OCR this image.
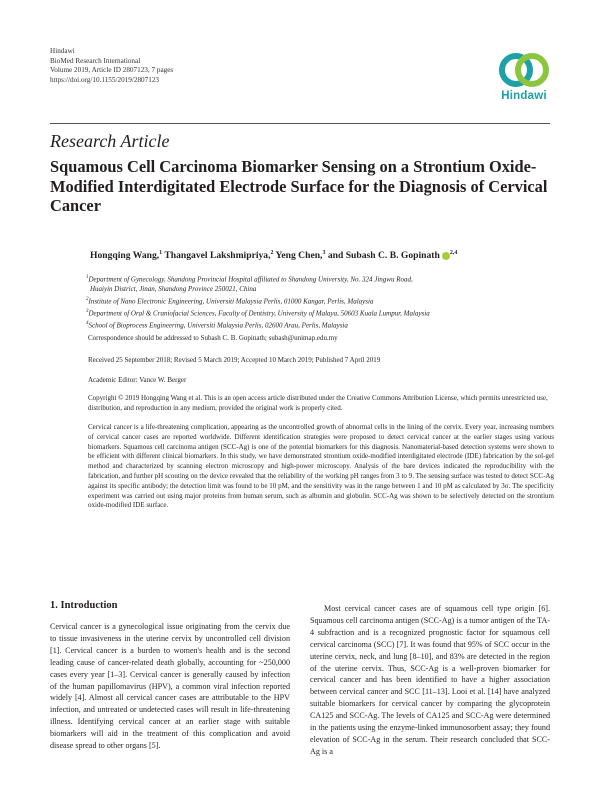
Hindawi
BioMed Research International
Volume 2019, Article ID 2807123, 7 pages
https://doi.org/10.1155/2019/2807123
Hindawi
Research Article
Squamous Cell Carcinoma Biomarker Sensing on a Strontium Oxide-Modified Interdigitated Electrode Surface for the Diagnosis of Cervical Cancer
Hongqing Wang,$^1$ Thangavel Lakshmipriya,$^2$ Yeng Chen,$^3$ and Subash C. B. Gopinath $^{2,4}$
$^1$Department of Gynecology, Shandong Provincial Hospital affiliated to Shandong University, No. 324 Jingwu Road,
Huaiyin District, Jinan, Shandong Province 250021, China
$^2$Institute of Nano Electronic Engineering, Universiti Malaysia Perlis, 01000 Kangar, Perlis, Malaysia
$^3$Department of Oral & Craniofacial Sciences, Faculty of Dentistry, University of Malaya, 50603 Kuala Lumpur, Malaysia
$^4$School of Bioprocess Engineering, Universiti Malaysia Perlis, 02600 Arau, Perlis, Malaysia
Correspondence should be addressed to Subash C. B. Gopinath; subash@unimap.edu.my
Received 25 September 2018; Revised 5 March 2019; Accepted 10 March 2019; Published 7 April 2019
Academic Editor: Vance W. Berger
Copyright © 2019 Hongqing Wang et al. This is an open access article distributed under the Creative Commons Attribution License, which permits unrestricted use, distribution, and reproduction in any medium, provided the original work is properly cited.
Cervical cancer is a life-threatening complication, appearing as the uncontrolled growth of abnormal cells in the lining of the cervix. Every year, increasing numbers of cervical cancer cases are reported worldwide. Different identification strategies were proposed to detect cervical cancer at the earlier stages using various biomarkers. Squamous cell carcinoma antigen (SCC-Ag) is one of the potential biomarkers for this diagnosis. Nanomaterial-based detection systems were shown to be efficient with different clinical biomarkers. In this study, we have demonstrated strontium oxide-modified interdigitated electrode (IDE) fabrication by the sol-gel method and characterized by scanning electron microscopy and high-power microscopy. Analysis of the bare devices indicated the reproducibility with the fabrication, and further pH scouting on the device revealed that the reliability of the working pH ranges from 3 to 9. The sensing surface was tested to detect SCC-Ag against its specific antibody; the detection limit was found to be 10 pM, and the sensitivity was in the range between 1 and 10 pM as calculated by 3σ. The specificity experiment was carried out using major proteins from human serum, such as albumin and globulin. SCC-Ag was shown to be selectively detected on the strontium oxide-modified IDE surface.
1. Introduction

Cervical cancer is a gynecological issue originating from the cervix due to tissue invasiveness in the uterine cervix by uncontrolled cell division [1]. Cervical cancer is a burden to women's health and is the second leading cause of cancer-related death globally, accounting for ~250,000 cases every year [1–3]. Cervical cancer is generally caused by infection of the human papillomavirus (HPV), a common viral infection reported widely [4]. Almost all cervical cancer cases are attributable to the HPV infection, and untreated or undetected cases will result in life-threatening illness. Identifying cervical cancer at an earlier stage with suitable biomarkers will aid in the treatment of this complication and avoid disease spread to other organs [5].

Most cervical cancer cases are of squamous cell type origin [6]. Squamous cell carcinoma antigen (SCC-Ag) is a tumor antigen of the TA-4 subfraction and is a recognized prognostic factor for squamous cell cervical carcinoma (SCC) [7]. It was found that 95% of SCC occur in the uterine cervix, neck, and lung [8–10], and 83% are detected in the region of the uterine cervix. Thus, SCC-Ag is a well-proven biomarker for cervical cancer and has been identified to have a higher association between cervical cancer and SCC [11–13]. Looi et al. [14] have analyzed suitable biomarkers for cervical cancer by comparing the glycoprotein CA125 and SCC-Ag. The levels of CA125 and SCC-Ag were determined in the patients using the enzyme-linked immunosorbent assay; they found elevation of SCC-Ag in the serum. Their research concluded that SCC-Ag is a
